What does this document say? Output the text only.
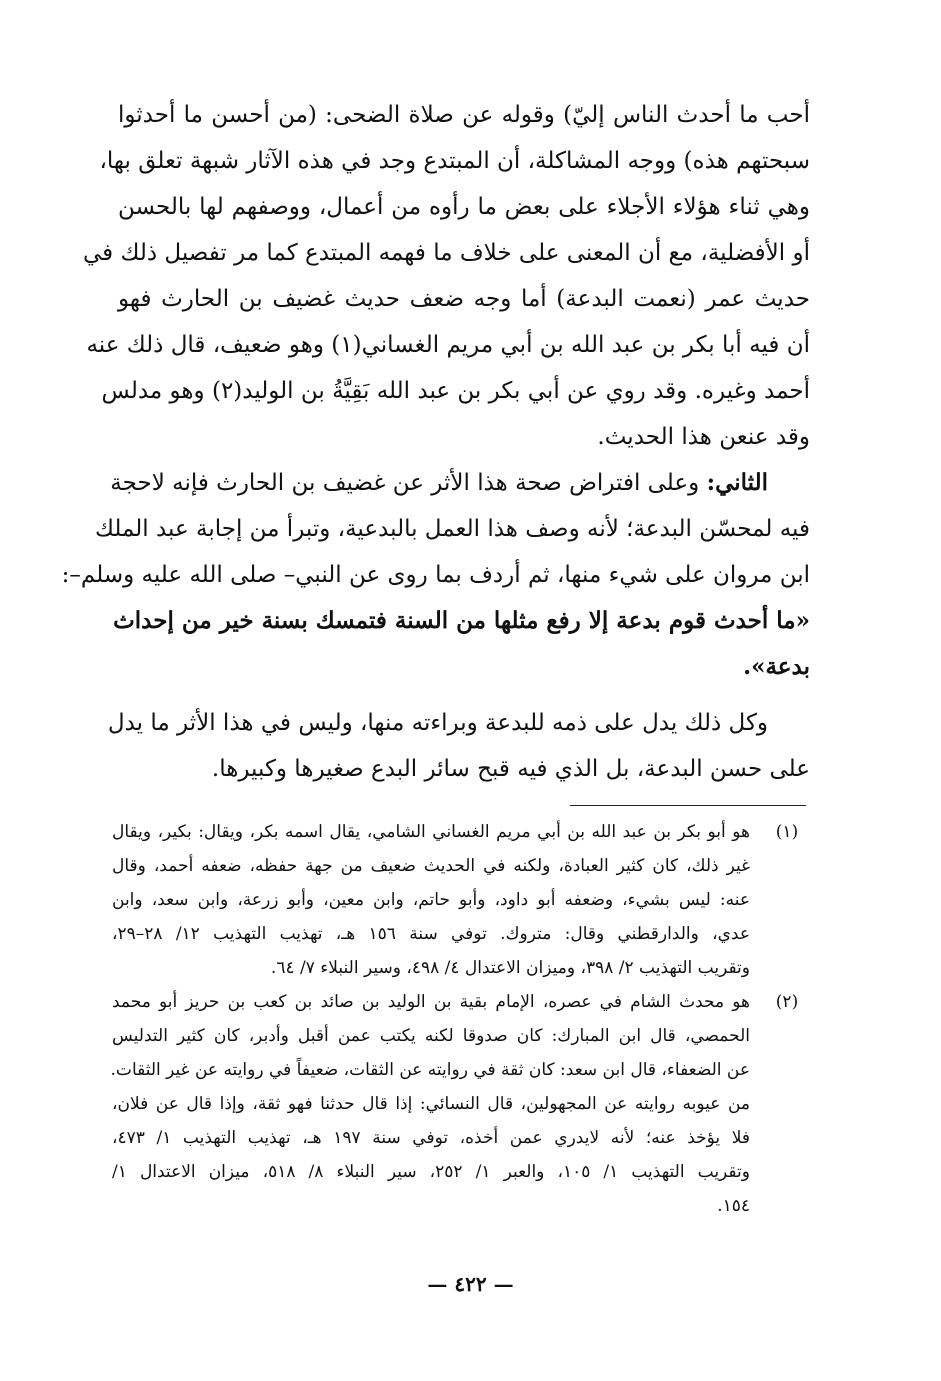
أحب ما أحدث الناس إليّ) وقوله عن صلاة الضحى: (من أحسن ما أحدثوا
سبحتهم هذه) ووجه المشاكلة، أن المبتدع وجد في هذه الآثار شبهة تعلق بها،
وهي ثناء هؤلاء الأجلاء على بعض ما رأوه من أعمال، ووصفهم لها بالحسن
أو الأفضلية، مع أن المعنى على خلاف ما فهمه المبتدع كما مر تفصيل ذلك في
حديث عمر (نعمت البدعة) أما وجه ضعف حديث غضيف بن الحارث فهو
أن فيه أبا بكر بن عبد الله بن أبي مريم الغساني(١) وهو ضعيف، قال ذلك عنه
أحمد وغيره. وقد روي عن أبي بكر بن عبد الله بَقِيَّةُ بن الوليد(٢) وهو مدلس
وقد عنعن هذا الحديث.
الثاني: وعلى افتراض صحة هذا الأثر عن غضيف بن الحارث فإنه لاحجة
فيه لمحسّن البدعة؛ لأنه وصف هذا العمل بالبدعية، وتبرأ من إجابة عبد الملك
ابن مروان على شيء منها، ثم أردف بما روى عن النبي– صلى الله عليه وسلم–:
«ما أحدث قوم بدعة إلا رفع مثلها من السنة فتمسك بسنة خير من إحداث
بدعة».
وكل ذلك يدل على ذمه للبدعة وبراءته منها، وليس في هذا الأثر ما يدل
على حسن البدعة، بل الذي فيه قبح سائر البدع صغيرها وكبيرها.
(١)
هو أبو بكر بن عبد الله بن أبي مريم الغساني الشامي، يقال اسمه بكر، ويقال: بكير، ويقال
غير ذلك، كان كثير العبادة، ولكنه في الحديث ضعيف من جهة حفظه، ضعفه أحمد، وقال
عنه: ليس بشيء، وضعفه أبو داود، وأبو حاتم، وابن معين، وأبو زرعة، وابن سعد، وابن
عدي، والدارقطني وقال: متروك. توفي سنة ١٥٦ هـ، تهذيب التهذيب ١٢/ ٢٨–٢٩،
وتقريب التهذيب ٢/ ٣٩٨، وميزان الاعتدال ٤/ ٤٩٨، وسير النبلاء ٧/ ٦٤.
(٢)
هو محدث الشام في عصره، الإمام بقية بن الوليد بن صائد بن كعب بن حريز أبو محمد
الحمصي، قال ابن المبارك: كان صدوقا لكنه يكتب عمن أقبل وأدبر، كان كثير التدليس
عن الضعفاء، قال ابن سعد: كان ثقة في روايته عن الثقات، ضعيفاً في روايته عن غير الثقات.
من عيوبه روايته عن المجهولين، قال النسائي: إذا قال حدثنا فهو ثقة، وإذا قال عن فلان،
فلا يؤخذ عنه؛ لأنه لايدري عمن أخذه، توفي سنة ١٩٧ هـ، تهذيب التهذيب ١/ ٤٧٣،
وتقريب التهذيب ١/ ١٠٥، والعبر ١/ ٢٥٢، سير النبلاء ٨/ ٥١٨، ميزان الاعتدال ١/
١٥٤.
— ٤٢٢ —
